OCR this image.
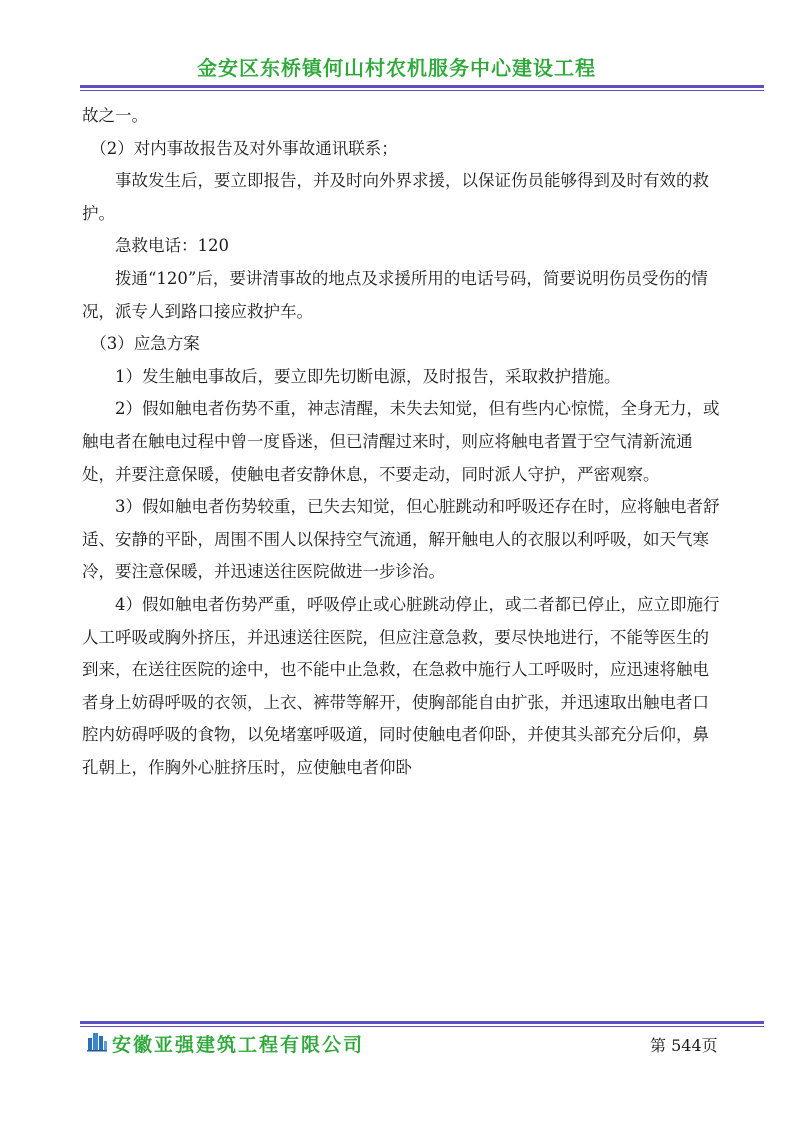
金安区东桥镇何山村农机服务中心建设工程

故之一。

　（2）对内事故报告及对外事故通讯联系；

　　事故发生后，要立即报告，并及时向外界求援，以保证伤员能够得到及时有效的救护。

　　急救电话：120

　　拨通“120”后，要讲清事故的地点及求援所用的电话号码，简要说明伤员受伤的情况，派专人到路口接应救护车。

　（3）应急方案

　　1）发生触电事故后，要立即先切断电源，及时报告，采取救护措施。

　　2）假如触电者伤势不重，神志清醒，未失去知觉，但有些内心惊慌，全身无力，或触电者在触电过程中曾一度昏迷，但已清醒过来时，则应将触电者置于空气清新流通处，并要注意保暖，使触电者安静休息，不要走动，同时派人守护，严密观察。

　　3）假如触电者伤势较重，已失去知觉，但心脏跳动和呼吸还存在时，应将触电者舒适、安静的平卧，周围不围人以保持空气流通，解开触电人的衣服以利呼吸，如天气寒冷，要注意保暖，并迅速送往医院做进一步诊治。

　　4）假如触电者伤势严重，呼吸停止或心脏跳动停止，或二者都已停止，应立即施行人工呼吸或胸外挤压，并迅速送往医院，但应注意急救，要尽快地进行，不能等医生的到来，在送往医院的途中，也不能中止急救，在急救中施行人工呼吸时，应迅速将触电者身上妨碍呼吸的衣领，上衣、裤带等解开，使胸部能自由扩张，并迅速取出触电者口腔内妨碍呼吸的食物，以免堵塞呼吸道，同时使触电者仰卧，并使其头部充分后仰，鼻孔朝上，作胸外心脏挤压时，应使触电者仰卧

安徽亚强建筑工程有限公司	第 544页
